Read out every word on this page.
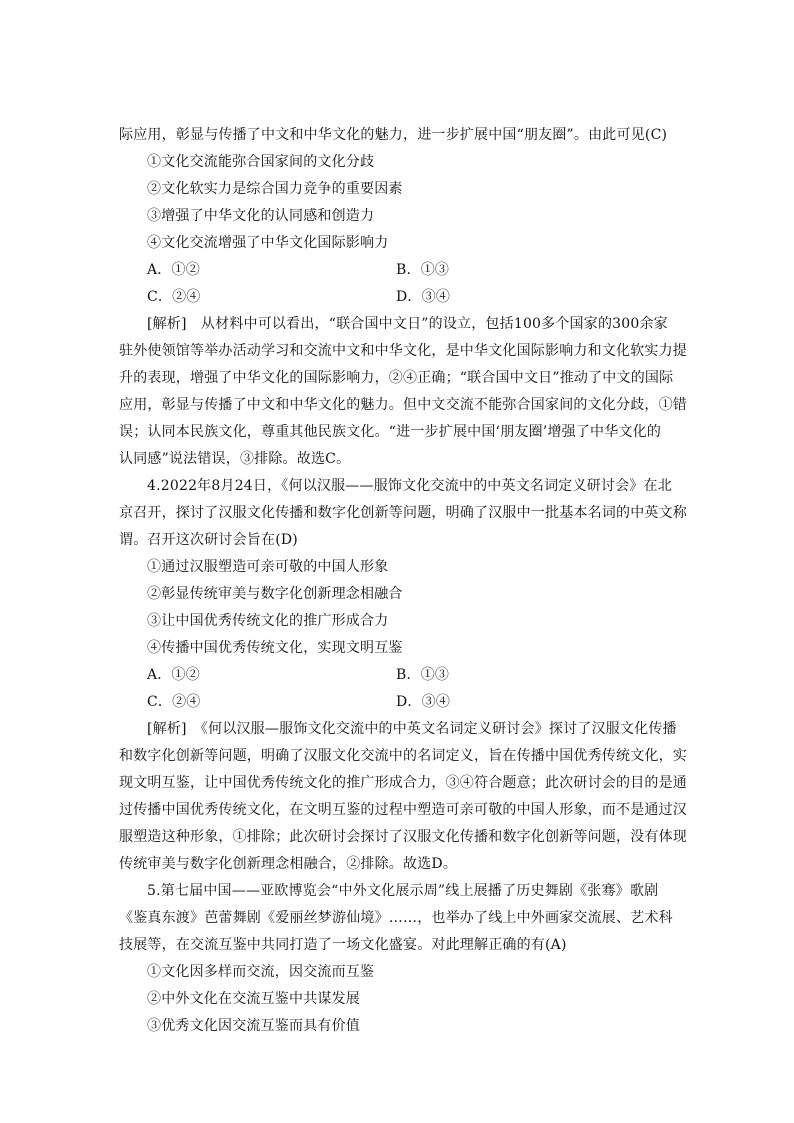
际应用，彰显与传播了中文和中华文化的魅力，进一步扩展中国“朋友圈”。由此可见(C)
①文化交流能弥合国家间的文化分歧
②文化软实力是综合国力竞争的重要因素
③增强了中华文化的认同感和创造力
④文化交流增强了中华文化国际影响力
A．①②	B．①③
C．②④	D．③④
[解析]　从材料中可以看出，“联合国中文日”的设立，包括100多个国家的300余家
驻外使领馆等举办活动学习和交流中文和中华文化，是中华文化国际影响力和文化软实力提
升的表现，增强了中华文化的国际影响力，②④正确；“联合国中文日”推动了中文的国际
应用，彰显与传播了中文和中华文化的魅力。但中文交流不能弥合国家间的文化分歧，①错
误；认同本民族文化，尊重其他民族文化。“进一步扩展中国‘朋友圈’增强了中华文化的
认同感”说法错误，③排除。故选C。
4.2022年8月24日，《何以汉服——服饰文化交流中的中英文名词定义研讨会》在北
京召开，探讨了汉服文化传播和数字化创新等问题，明确了汉服中一批基本名词的中英文称
谓。召开这次研讨会旨在(D)
①通过汉服塑造可亲可敬的中国人形象
②彰显传统审美与数字化创新理念相融合
③让中国优秀传统文化的推广形成合力
④传播中国优秀传统文化，实现文明互鉴
A．①②	B．①③
C．②④	D．③④
[解析]　《何以汉服—服饰文化交流中的中英文名词定义研讨会》探讨了汉服文化传播
和数字化创新等问题，明确了汉服文化交流中的名词定义，旨在传播中国优秀传统文化，实
现文明互鉴，让中国优秀传统文化的推广形成合力，③④符合题意；此次研讨会的目的是通
过传播中国优秀传统文化，在文明互鉴的过程中塑造可亲可敬的中国人形象，而不是通过汉
服塑造这种形象，①排除；此次研讨会探讨了汉服文化传播和数字化创新等问题，没有体现
传统审美与数字化创新理念相融合，②排除。故选D。
5.第七届中国——亚欧博览会“中外文化展示周”线上展播了历史舞剧《张骞》歌剧
《鉴真东渡》芭蕾舞剧《爱丽丝梦游仙境》……，也举办了线上中外画家交流展、艺术科
技展等，在交流互鉴中共同打造了一场文化盛宴。对此理解正确的有(A)
①文化因多样而交流，因交流而互鉴
②中外文化在交流互鉴中共谋发展
③优秀文化因交流互鉴而具有价值
